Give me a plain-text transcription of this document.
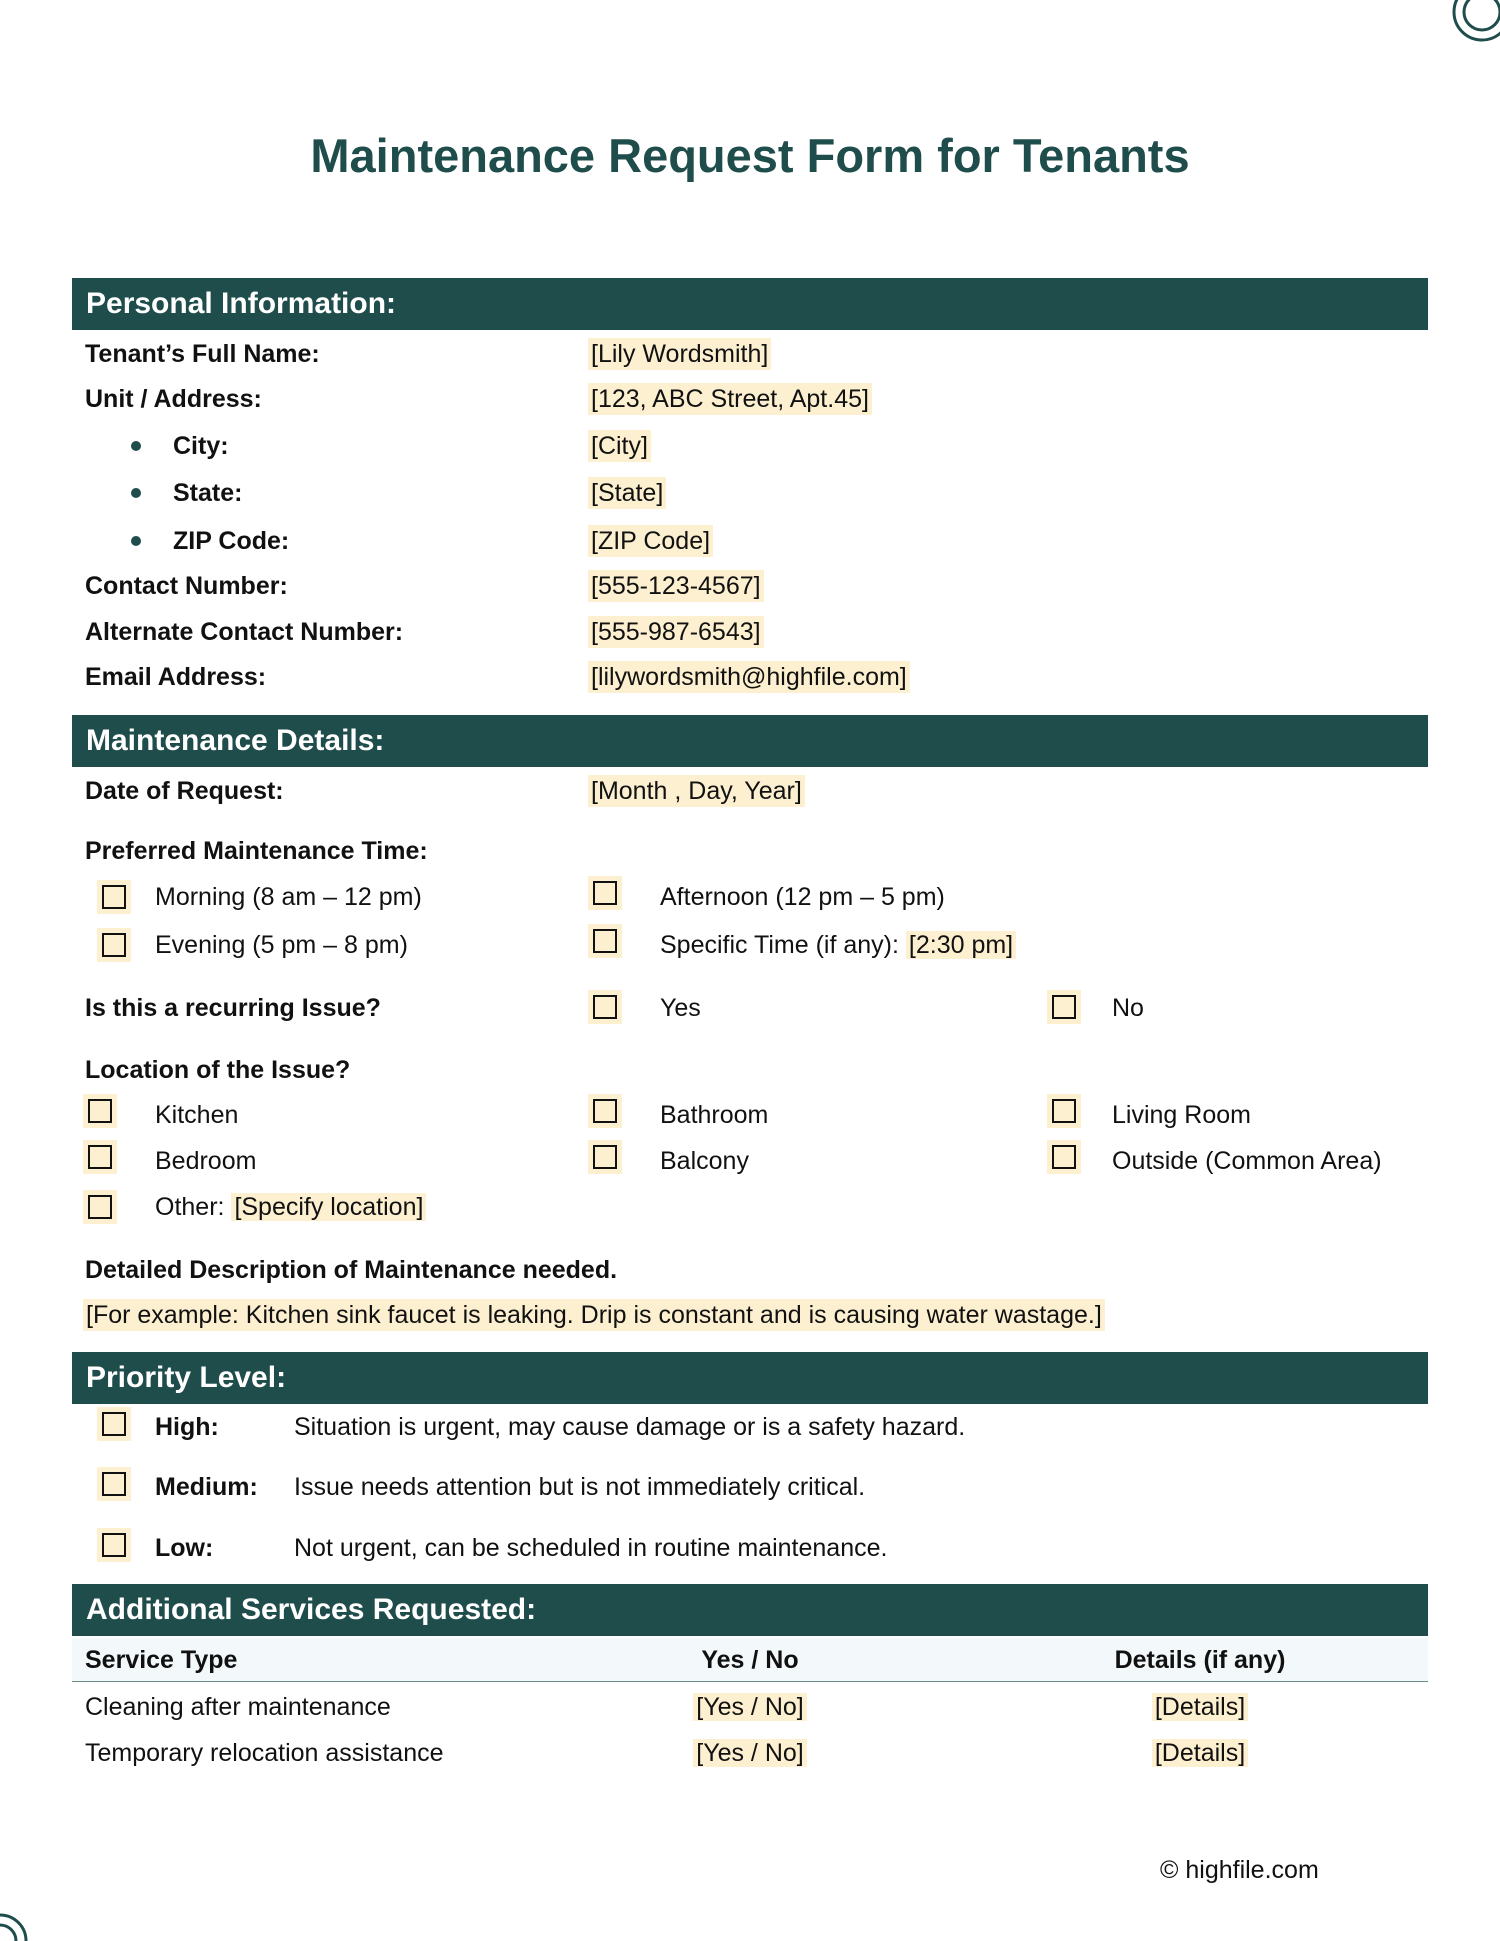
Maintenance Request Form for Tenants
Personal Information:
Tenant’s Full Name:	[Lily Wordsmith]
Unit / Address:	[123, ABC Street, Apt.45]
City:	[City]
State:	[State]
ZIP Code:	[ZIP Code]
Contact Number:	[555-123-4567]
Alternate Contact Number:	[555-987-6543]
Email Address:	[lilywordsmith@highfile.com]
Maintenance Details:
Date of Request:	[Month , Day, Year]
Preferred Maintenance Time:
Morning (8 am – 12 pm)	Afternoon (12 pm – 5 pm)
Evening (5 pm – 8 pm)	Specific Time (if any): [2:30 pm]
Is this a recurring Issue?	Yes	No
Location of the Issue?
Kitchen	Bathroom	Living Room
Bedroom	Balcony	Outside (Common Area)
Other: [Specify location]
Detailed Description of Maintenance needed.
[For example: Kitchen sink faucet is leaking. Drip is constant and is causing water wastage.]
Priority Level:
High:	Situation is urgent, may cause damage or is a safety hazard.
Medium: Issue needs attention but is not immediately critical.
Low:	Not urgent, can be scheduled in routine maintenance.
Additional Services Requested:
Service Type	Yes / No	Details (if any)
Cleaning after maintenance	[Yes / No]	[Details]
Temporary relocation assistance	[Yes / No]	[Details]
© highfile.com
